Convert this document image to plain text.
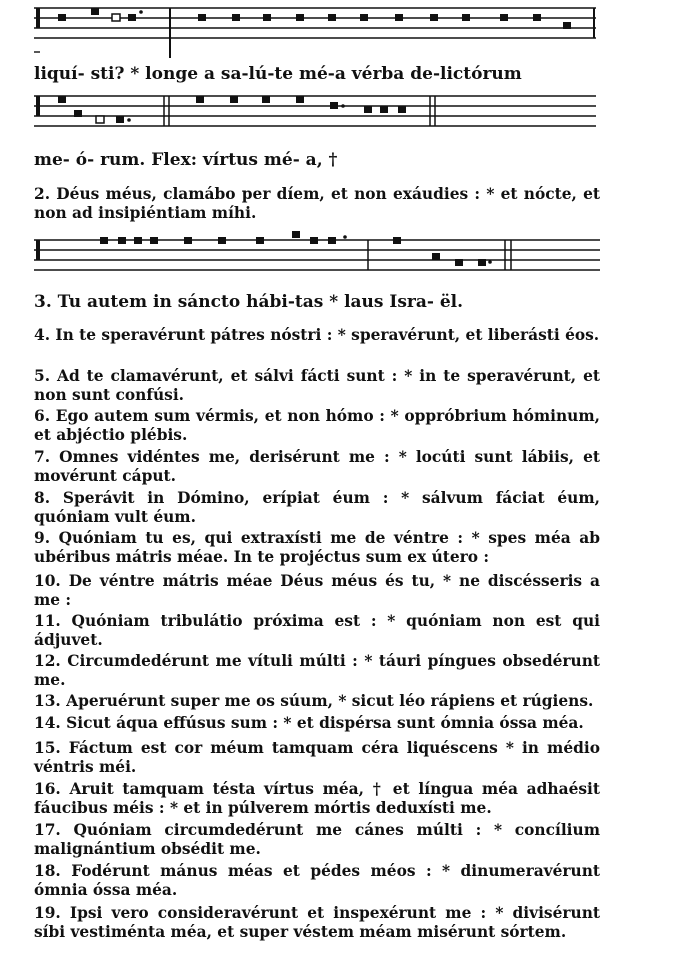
liquí- sti? * longe a sa-lú-te mé-a vérba de-lictórum
me- ó- rum. Flex: vírtus mé- a, †
2. Déus méus, clamábo per díem, et non exáudies : * et nócte, et non ad insipiéntiam míhi.
3. Tu autem in sáncto hábi-tas * laus Isra- ël.
4. In te speravérunt pátres nóstri : * speravérunt, et liberásti éos.
5. Ad te clamavérunt, et sálvi fácti sunt : * in te speravérunt, et non sunt confúsi.
6. Ego autem sum vérmis, et non hómo : * oppróbrium hóminum, et abjéctio plébis.
7. Omnes vidéntes me, derisérunt me : * locúti sunt lábiis, et movérunt cáput.
8. Sperávit in Dómino, erípiat éum : * sálvum fáciat éum, quóniam vult éum.
9. Quóniam tu es, qui extraxísti me de véntre : * spes méa ab ubéribus mátris méae. In te projéctus sum ex útero :
10. De véntre mátris méae Déus méus és tu, * ne discésseris a me :
11. Quóniam tribulátio próxima est : * quóniam non est qui ádjuvet.
12. Circumdedérunt me vítuli múlti : * táuri píngues obsedérunt me.
13. Aperuérunt super me os súum, * sicut léo rápiens et rúgiens.
14. Sicut áqua effúsus sum : * et dispérsa sunt ómnia óssa méa.
15. Fáctum est cor méum tamquam céra liquéscens * in médio véntris méi.
16. Aruit tamquam tésta vírtus méa, † et língua méa adhaésit fáucibus méis : * et in púlverem mórtis deduxísti me.
17. Quóniam circumdedérunt me cánes múlti : * concílium malignántium obsédit me.
18. Fodérunt mánus méas et pédes méos : * dinumeravérunt ómnia óssa méa.
19. Ipsi vero consideravérunt et inspexérunt me : * divisérunt síbi vestiménta méa, et super véstem méam misérunt sórtem.
